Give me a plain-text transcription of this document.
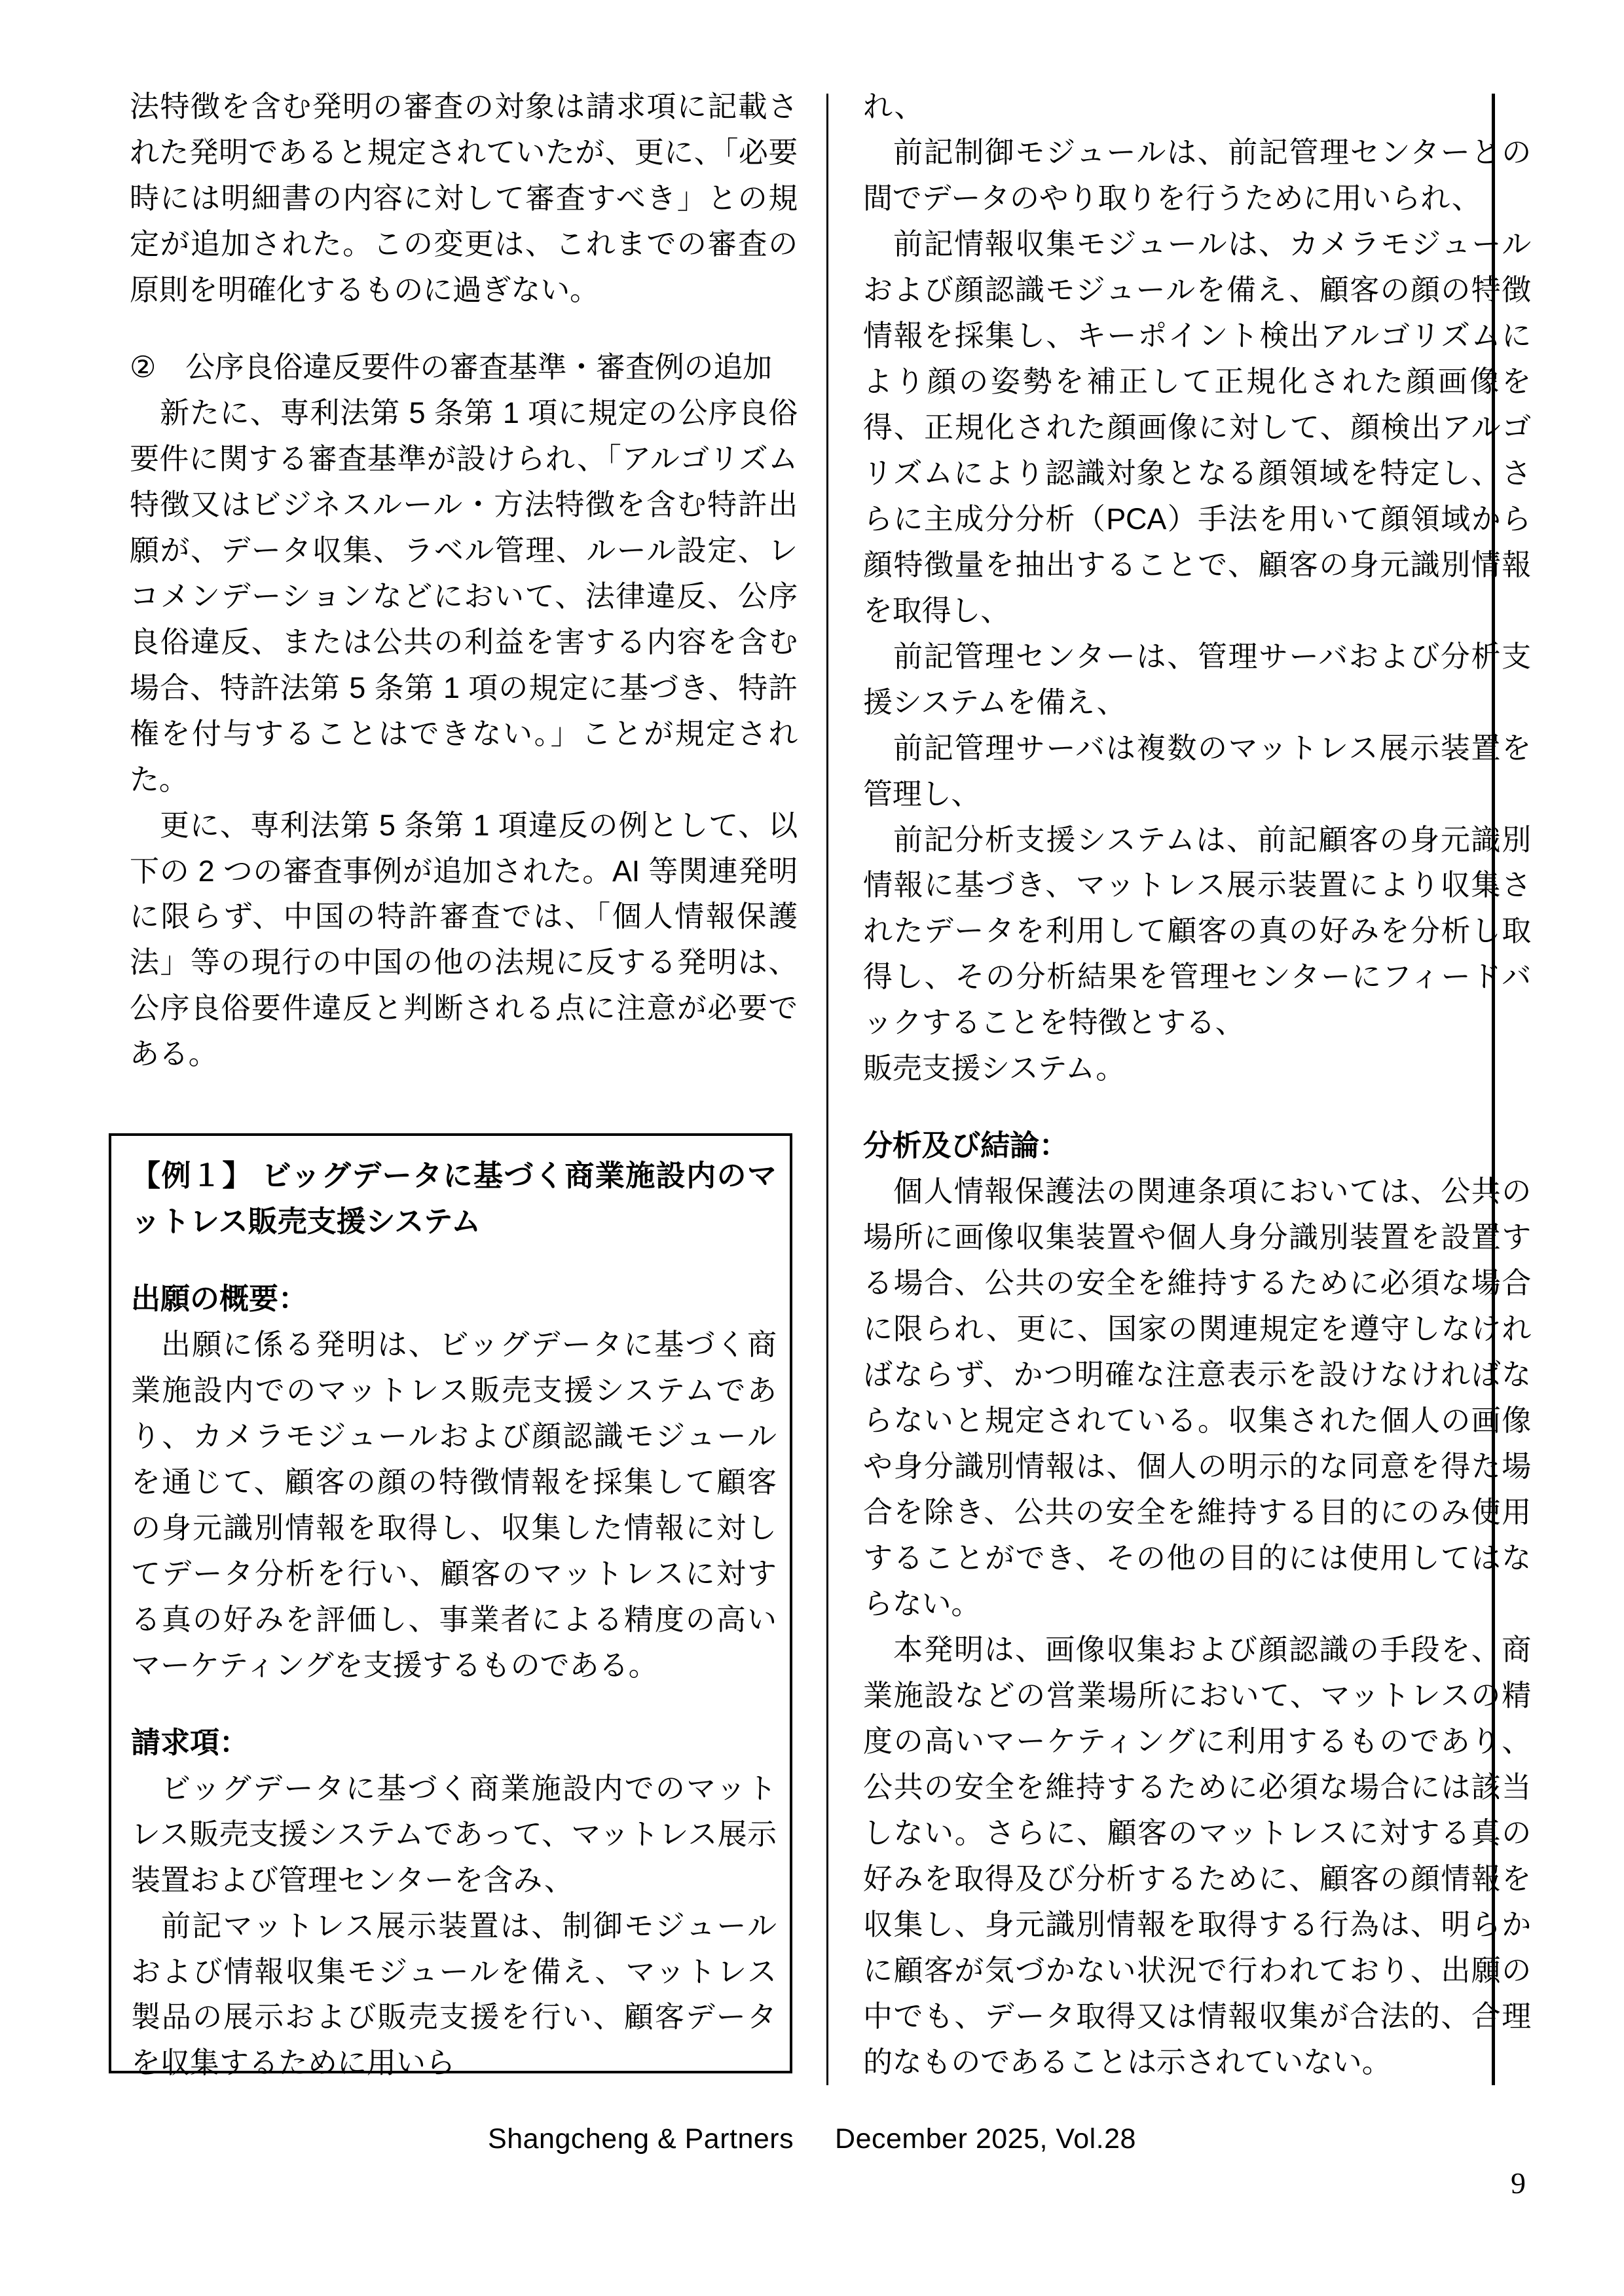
法特徴を含む発明の審査の対象は請求項に記載された発明であると規定されていたが、更に、「必要時には明細書の内容に対して審査すべき」との規定が追加された。この変更は、これまでの審査の原則を明確化するものに過ぎない。

②　公序良俗違反要件の審査基準・審査例の追加

新たに、専利法第 5 条第 1 項に規定の公序良俗要件に関する審査基準が設けられ、「アルゴリズム特徴又はビジネスルール・方法特徴を含む特許出願が、データ収集、ラベル管理、ルール設定、レコメンデーションなどにおいて、法律違反、公序良俗違反、または公共の利益を害する内容を含む場合、特許法第 5 条第 1 項の規定に基づき、特許権を付与することはできない。」ことが規定された。

更に、専利法第 5 条第 1 項違反の例として、以下の 2 つの審査事例が追加された。AI 等関連発明に限らず、中国の特許審査では、「個人情報保護法」等の現行の中国の他の法規に反する発明は、公序良俗要件違反と判断される点に注意が必要である。

【例１】 ビッグデータに基づく商業施設内のマットレス販売支援システム

出願の概要：

出願に係る発明は、ビッグデータに基づく商業施設内でのマットレス販売支援システムであり、カメラモジュールおよび顔認識モジュールを通じて、顧客の顔の特徴情報を採集して顧客の身元識別情報を取得し、収集した情報に対してデータ分析を行い、顧客のマットレスに対する真の好みを評価し、事業者による精度の高いマーケティングを支援するものである。

請求項：

ビッグデータに基づく商業施設内でのマットレス販売支援システムであって、マットレス展示装置および管理センターを含み、

前記マットレス展示装置は、制御モジュールおよび情報収集モジュールを備え、マットレス製品の展示および販売支援を行い、顧客データを収集するために用いら

れ、

前記制御モジュールは、前記管理センターとの間でデータのやり取りを行うために用いられ、

前記情報収集モジュールは、カメラモジュールおよび顔認識モジュールを備え、顧客の顔の特徴情報を採集し、キーポイント検出アルゴリズムにより顔の姿勢を補正して正規化された顔画像を得、正規化された顔画像に対して、顔検出アルゴリズムにより認識対象となる顔領域を特定し、さらに主成分分析（PCA）手法を用いて顔領域から顔特徴量を抽出することで、顧客の身元識別情報を取得し、

前記管理センターは、管理サーバおよび分析支援システムを備え、

前記管理サーバは複数のマットレス展示装置を管理し、

前記分析支援システムは、前記顧客の身元識別情報に基づき、マットレス展示装置により収集されたデータを利用して顧客の真の好みを分析し取得し、その分析結果を管理センターにフィードバックすることを特徴とする、

販売支援システム。

分析及び結論：

個人情報保護法の関連条項においては、公共の場所に画像収集装置や個人身分識別装置を設置する場合、公共の安全を維持するために必須な場合に限られ、更に、国家の関連規定を遵守しなければならず、かつ明確な注意表示を設けなければならないと規定されている。収集された個人の画像や身分識別情報は、個人の明示的な同意を得た場合を除き、公共の安全を維持する目的にのみ使用することができ、その他の目的には使用してはならない。

本発明は、画像収集および顔認識の手段を、商業施設などの営業場所において、マットレスの精度の高いマーケティングに利用するものであり、公共の安全を維持するために必須な場合には該当しない。さらに、顧客のマットレスに対する真の好みを取得及び分析するために、顧客の顔情報を収集し、身元識別情報を取得する行為は、明らかに顧客が気づかない状況で行われており、出願の中でも、データ取得又は情報収集が合法的、合理的なものであることは示されていない。

Shangcheng & Partners December 2025, Vol.28
9
